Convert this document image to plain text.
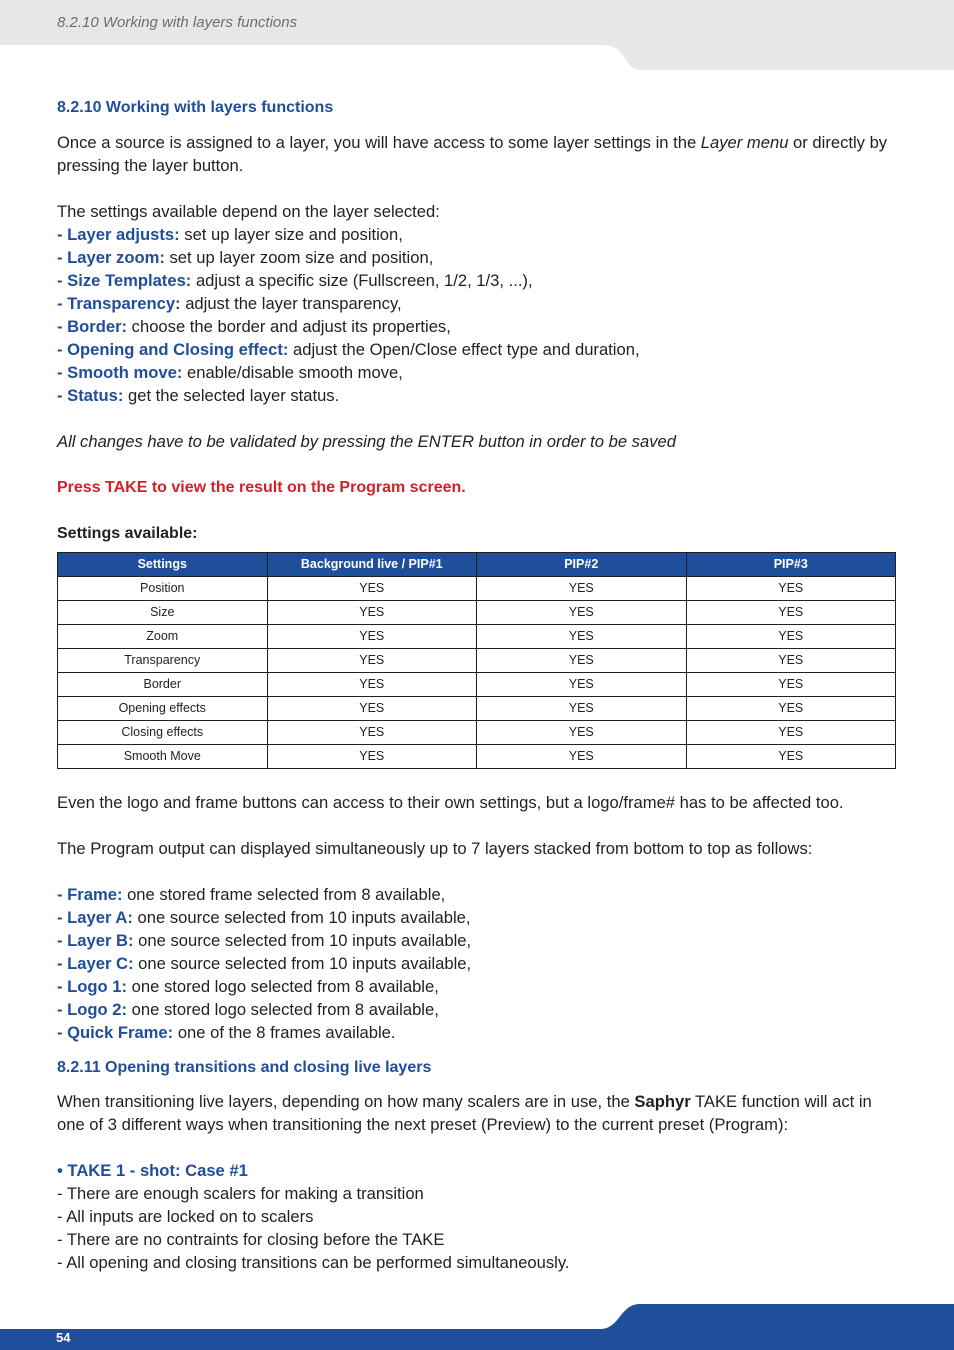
8.2.10 Working with layers functions
8.2.10 Working with layers functions

Once a source is assigned to a layer, you will have access to some layer settings in the Layer menu or directly by pressing the layer button.

The settings available depend on the layer selected:

- Layer adjusts: set up layer size and position,

- Layer zoom: set up layer zoom size and position,

- Size Templates: adjust a specific size (Fullscreen, 1/2, 1/3, ...),

- Transparency: adjust the layer transparency,

- Border: choose the border and adjust its properties,

- Opening and Closing effect: adjust the Open/Close effect type and duration,

- Smooth move: enable/disable smooth move,

- Status: get the selected layer status.

All changes have to be validated by pressing the ENTER button in order to be saved

Press TAKE to view the result on the Program screen.

Settings available:

Settings	Background live / PIP#1	PIP#2	PIP#3
Position	YES	YES	YES
Size	YES	YES	YES
Zoom	YES	YES	YES
Transparency	YES	YES	YES
Border	YES	YES	YES
Opening effects	YES	YES	YES
Closing effects	YES	YES	YES
Smooth Move	YES	YES	YES

Even the logo and frame buttons can access to their own settings, but a logo/frame# has to be affected too.

The Program output can displayed simultaneously up to 7 layers stacked from bottom to top as follows:

- Frame: one stored frame selected from 8 available,

- Layer A: one source selected from 10 inputs available,

- Layer B: one source selected from 10 inputs available,

- Layer C: one source selected from 10 inputs available,

- Logo 1: one stored logo selected from 8 available,

- Logo 2: one stored logo selected from 8 available,

- Quick Frame: one of the 8 frames available.

8.2.11 Opening transitions and closing live layers

When transitioning live layers, depending on how many scalers are in use, the Saphyr TAKE function will act in one of 3 different ways when transitioning the next preset (Preview) to the current preset (Program):

• TAKE 1 - shot: Case #1

- There are enough scalers for making a transition

- All inputs are locked on to scalers

- There are no contraints for closing before the TAKE

- All opening and closing transitions can be performed simultaneously.

54
